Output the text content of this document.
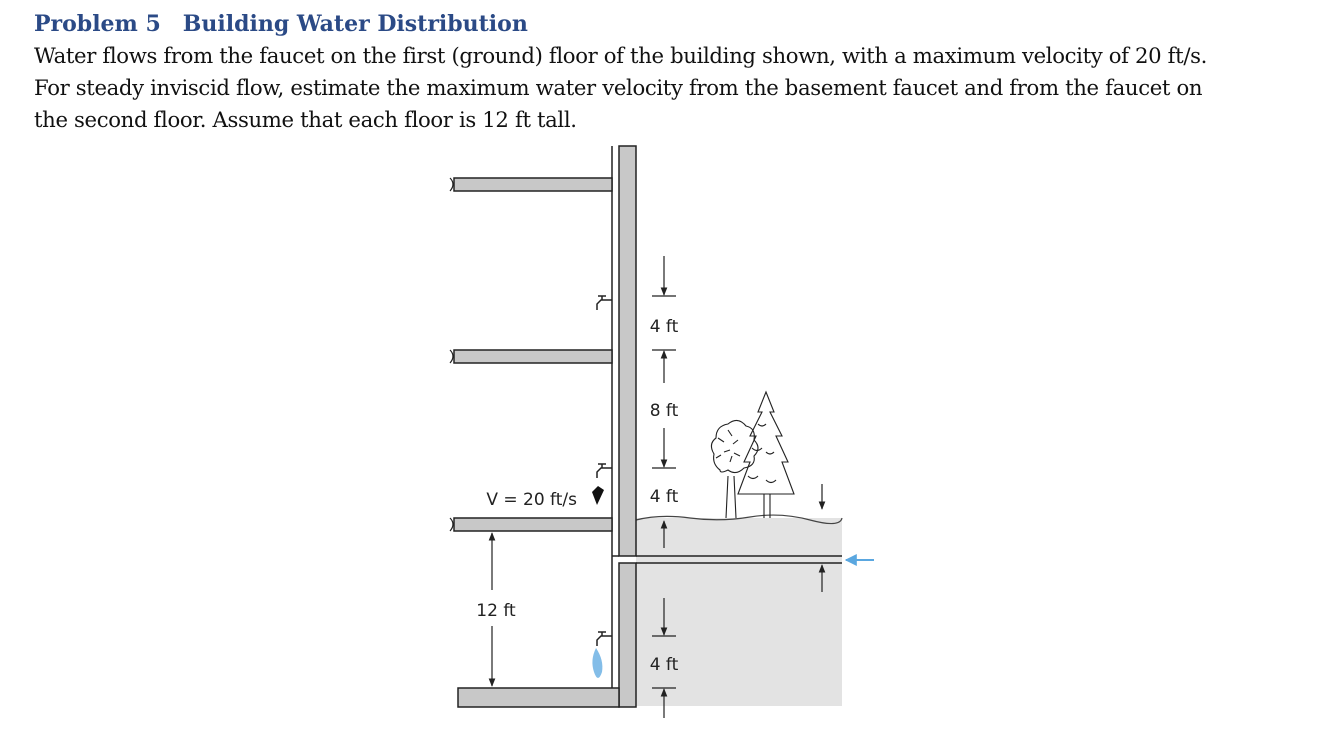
Problem 5 Building Water Distribution
Water flows from the faucet on the first (ground) floor of the building shown, with a maximum velocity of 20 ft/s.
For steady inviscid flow, estimate the maximum water velocity from the basement faucet and from the faucet on
the second floor. Assume that each floor is 12 ft tall.
4 ft
8 ft
4 ft
4 ft
V = 20 ft/s
12 ft
